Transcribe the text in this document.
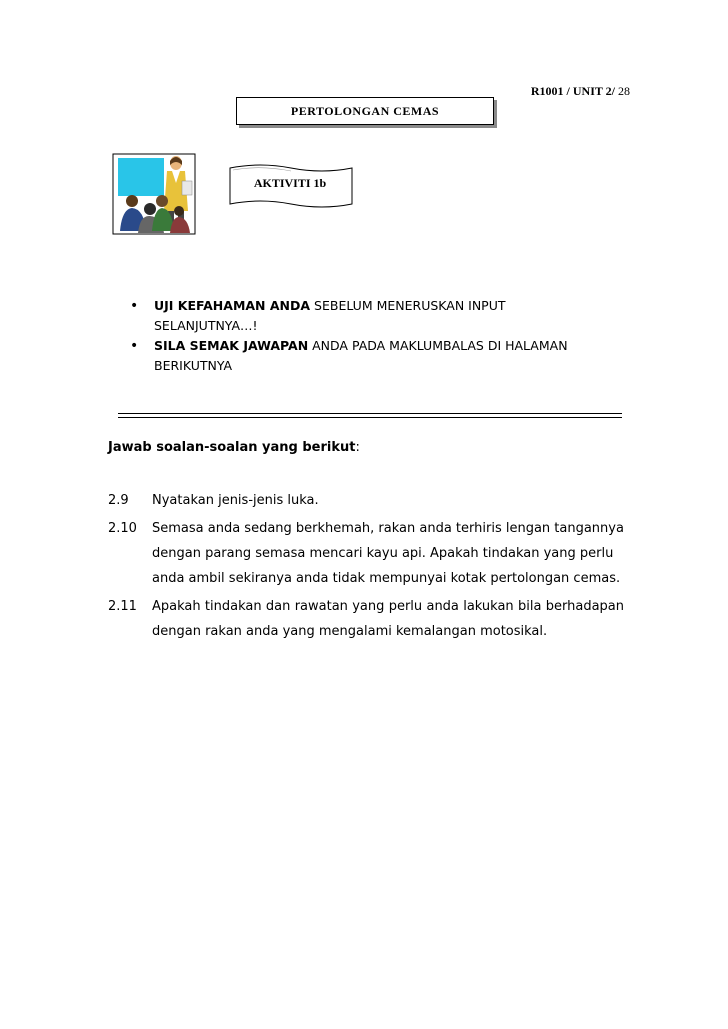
R1001 / UNIT 2/ 28
PERTOLONGAN CEMAS
AKTIVITI 1b
•	UJI KEFAHAMAN ANDA SEBELUM MENERUSKAN INPUT SELANJUTNYA…!
•	SILA SEMAK JAWAPAN ANDA PADA MAKLUMBALAS DI HALAMAN BERIKUTNYA
Jawab soalan-soalan yang berikut:
2.9	Nyatakan jenis-jenis luka.
2.10	Semasa anda sedang berkhemah, rakan anda terhiris lengan tangannya dengan parang semasa mencari kayu api. Apakah tindakan yang perlu anda ambil sekiranya anda tidak mempunyai kotak pertolongan cemas.
2.11	Apakah tindakan dan rawatan yang perlu anda lakukan bila berhadapan dengan rakan anda yang mengalami kemalangan motosikal.
